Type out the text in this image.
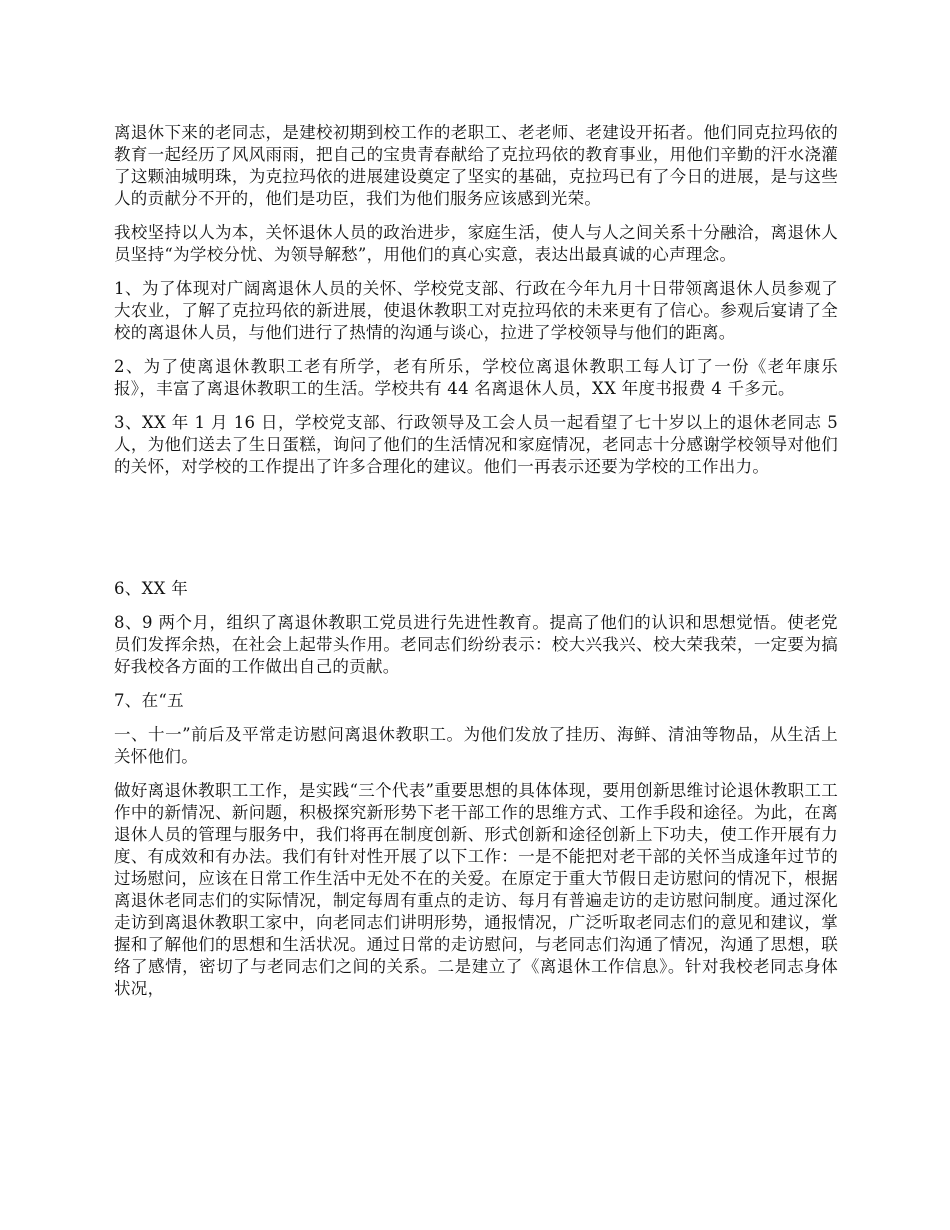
离退休下来的老同志，是建校初期到校工作的老职工、老老师、老建设开拓者。他们同克拉玛依的教育一起经历了风风雨雨，把自己的宝贵青春献给了克拉玛依的教育事业，用他们辛勤的汗水浇灌了这颗油城明珠，为克拉玛依的进展建设奠定了坚实的基础，克拉玛已有了今日的进展，是与这些人的贡献分不开的，他们是功臣，我们为他们服务应该感到光荣。

我校坚持以人为本，关怀退休人员的政治进步，家庭生活，使人与人之间关系十分融洽，离退休人员坚持“为学校分忧、为领导解愁”，用他们的真心实意，表达出最真诚的心声理念。

1、为了体现对广阔离退休人员的关怀、学校党支部、行政在今年九月十日带领离退休人员参观了大农业，了解了克拉玛依的新进展，使退休教职工对克拉玛依的未来更有了信心。参观后宴请了全校的离退休人员，与他们进行了热情的沟通与谈心，拉进了学校领导与他们的距离。

2、为了使离退休教职工老有所学，老有所乐，学校位离退休教职工每人订了一份《老年康乐报》，丰富了离退休教职工的生活。学校共有 44 名离退休人员，XX 年度书报费 4 千多元。

3、XX 年 1 月 16 日，学校党支部、行政领导及工会人员一起看望了七十岁以上的退休老同志 5 人，为他们送去了生日蛋糕，询问了他们的生活情况和家庭情况，老同志十分感谢学校领导对他们的关怀，对学校的工作提出了许多合理化的建议。他们一再表示还要为学校的工作出力。

6、XX 年

8、9 两个月，组织了离退休教职工党员进行先进性教育。提高了他们的认识和思想觉悟。使老党员们发挥余热，在社会上起带头作用。老同志们纷纷表示：校大兴我兴、校大荣我荣，一定要为搞好我校各方面的工作做出自己的贡献。

7、在“五

一、十一”前后及平常走访慰问离退休教职工。为他们发放了挂历、海鲜、清油等物品，从生活上关怀他们。

做好离退休教职工工作，是实践“三个代表”重要思想的具体体现，要用创新思维讨论退休教职工工作中的新情况、新问题，积极探究新形势下老干部工作的思维方式、工作手段和途径。为此，在离退休人员的管理与服务中，我们将再在制度创新、形式创新和途径创新上下功夫，使工作开展有力度、有成效和有办法。我们有针对性开展了以下工作：一是不能把对老干部的关怀当成逢年过节的过场慰问，应该在日常工作生活中无处不在的关爱。在原定于重大节假日走访慰问的情况下，根据离退休老同志们的实际情况，制定每周有重点的走访、每月有普遍走访的走访慰问制度。通过深化走访到离退休教职工家中，向老同志们讲明形势，通报情况，广泛听取老同志们的意见和建议，掌握和了解他们的思想和生活状况。通过日常的走访慰问，与老同志们沟通了情况，沟通了思想，联络了感情，密切了与老同志们之间的关系。二是建立了《离退休工作信息》。针对我校老同志身体状况，
